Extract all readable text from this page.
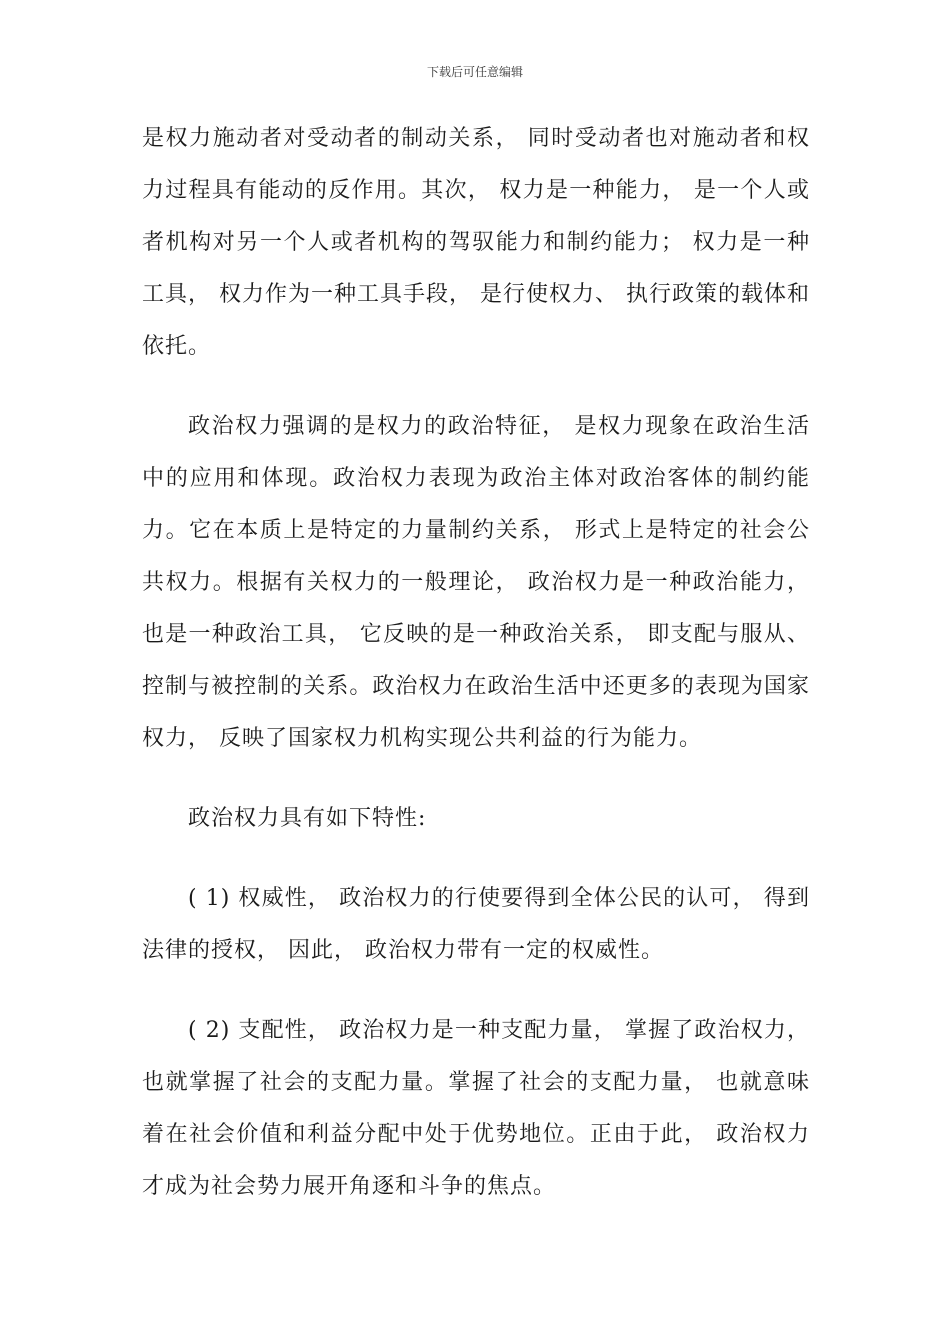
下载后可任意编辑

是权力施动者对受动者的制动关系， 同时受动者也对施动者和权力过程具有能动的反作用。其次， 权力是一种能力， 是一个人或者机构对另一个人或者机构的驾驭能力和制约能力； 权力是一种工具， 权力作为一种工具手段， 是行使权力、 执行政策的载体和依托。

政治权力强调的是权力的政治特征， 是权力现象在政治生活中的应用和体现。政治权力表现为政治主体对政治客体的制约能力。它在本质上是特定的力量制约关系， 形式上是特定的社会公共权力。根据有关权力的一般理论， 政治权力是一种政治能力， 也是一种政治工具， 它反映的是一种政治关系， 即支配与服从、控制与被控制的关系。政治权力在政治生活中还更多的表现为国家权力， 反映了国家权力机构实现公共利益的行为能力。

政治权力具有如下特性:

( 1) 权威性， 政治权力的行使要得到全体公民的认可， 得到法律的授权， 因此， 政治权力带有一定的权威性。

( 2) 支配性， 政治权力是一种支配力量， 掌握了政治权力， 也就掌握了社会的支配力量。掌握了社会的支配力量， 也就意味着在社会价值和利益分配中处于优势地位。正由于此， 政治权力才成为社会势力展开角逐和斗争的焦点。
